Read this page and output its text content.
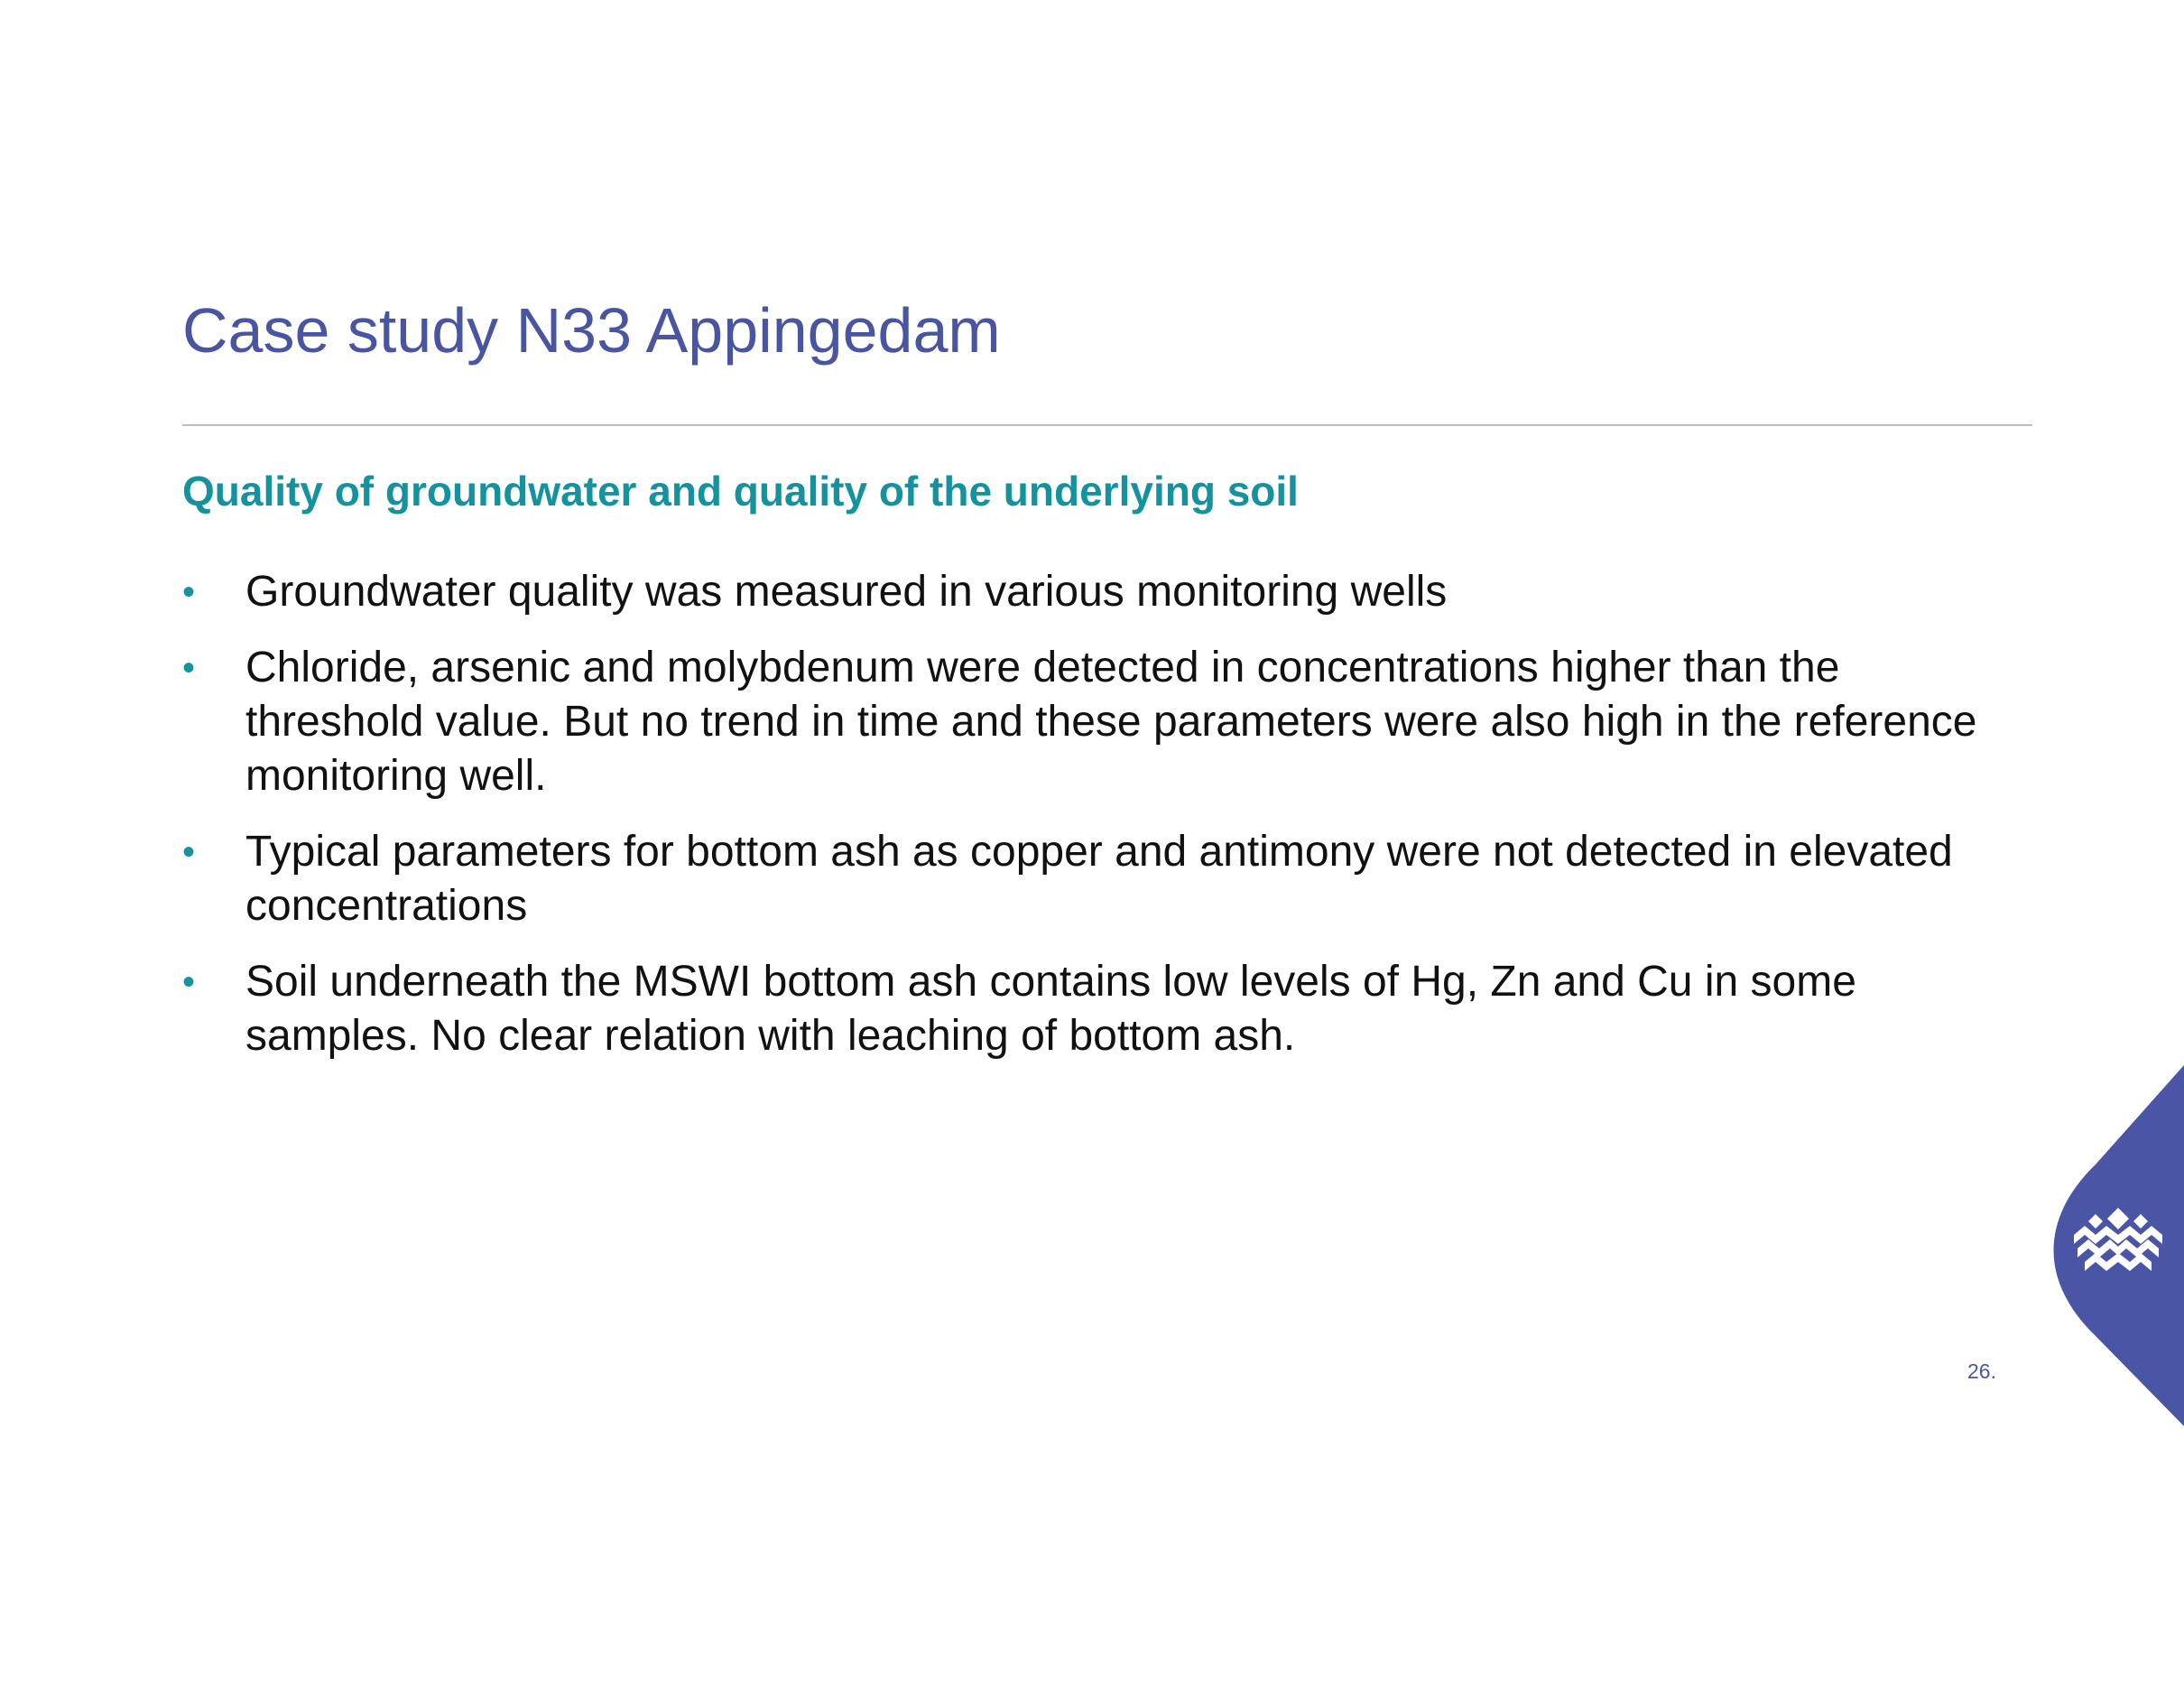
Case study N33 Appingedam
Quality of groundwater and quality of the underlying soil
•	Groundwater quality was measured in various monitoring wells
•	Chloride, arsenic and molybdenum were detected in concentrations higher than the threshold value. But no trend in time and these parameters were also high in the reference monitoring well.
•	Typical parameters for bottom ash as copper and antimony were not detected in elevated concentrations
•	Soil underneath the MSWI bottom ash contains low levels of Hg, Zn and Cu in some samples. No clear relation with leaching of bottom ash.
26.
